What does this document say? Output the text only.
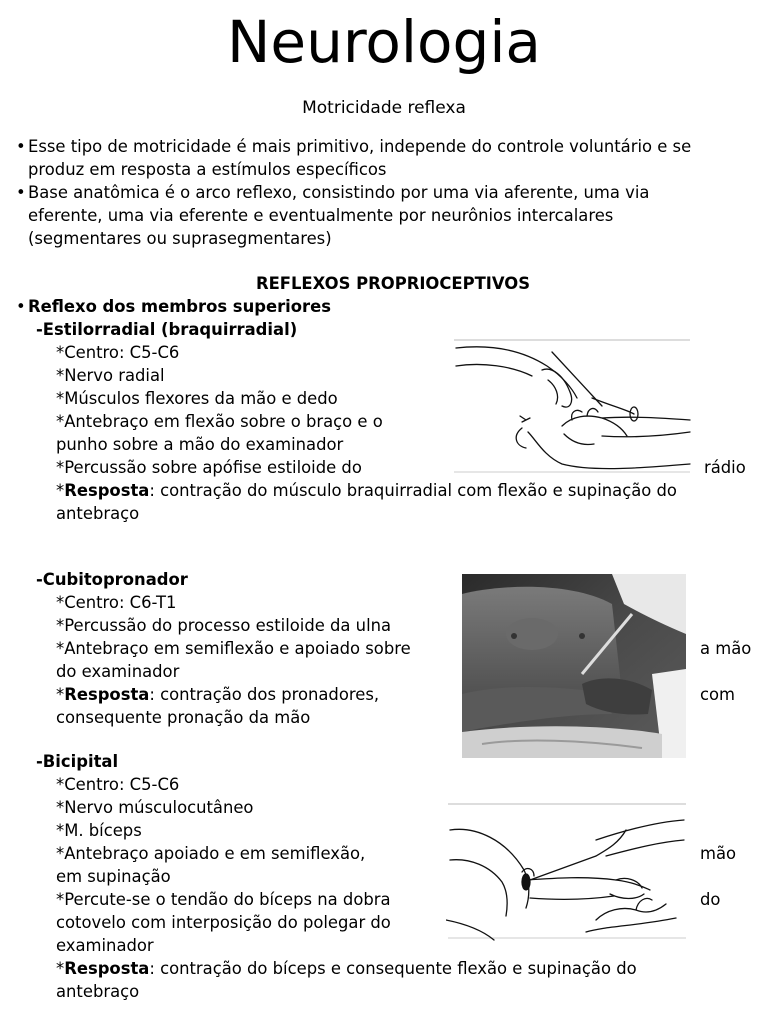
Neurologia
Motricidade reflexa
• Esse tipo de motricidade é mais primitivo, independe do controle voluntário e se
produz em resposta a estímulos específicos
• Base anatômica é o arco reflexo, consistindo por uma via aferente, uma via
eferente, uma via eferente e eventualmente por neurônios intercalares
(segmentares ou suprasegmentares)
REFLEXOS PROPRIOCEPTIVOS
• Reflexo dos membros superiores
-Estilorradial (braquirradial)
*Centro: C5-C6
*Nervo radial
*Músculos flexores da mão e dedo
*Antebraço em flexão sobre o braço e o
punho sobre a mão do examinador
*Percussão sobre apófise estiloide do	rádio
*Resposta: contração do músculo braquirradial com flexão e supinação do
antebraço
-Cubitopronador
*Centro: C6-T1
*Percussão do processo estiloide da ulna
*Antebraço em semiflexão e apoiado sobre	a mão
do examinador
*Resposta: contração dos pronadores,	com
consequente pronação da mão
-Bicipital
*Centro: C5-C6
*Nervo músculocutâneo
*M. bíceps
*Antebraço apoiado e em semiflexão,	mão
em supinação
*Percute-se o tendão do bíceps na dobra	do
cotovelo com interposição do polegar do
examinador
*Resposta: contração do bíceps e consequente flexão e supinação do
antebraço
